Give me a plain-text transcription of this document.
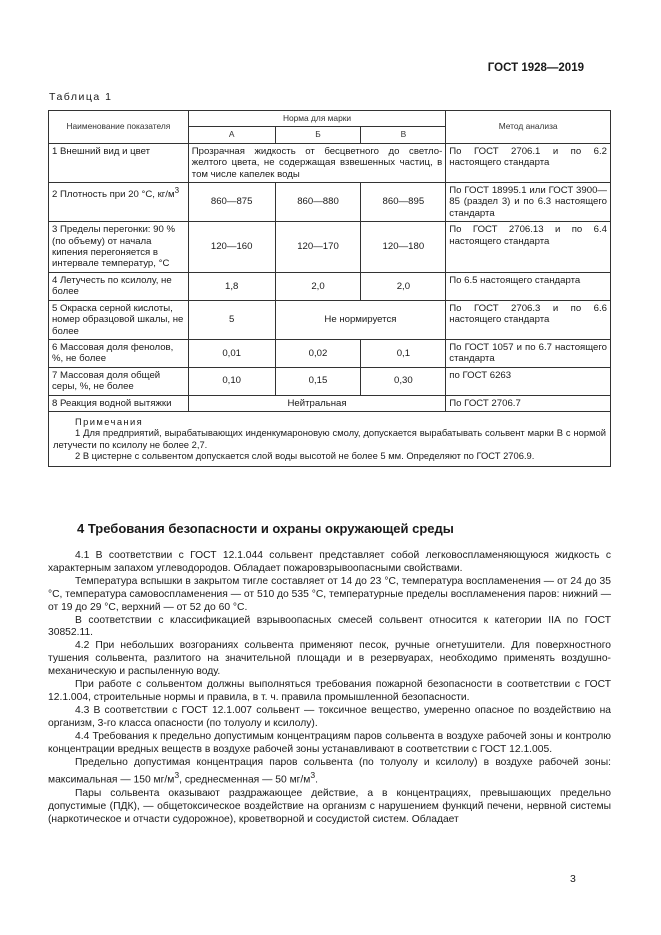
ГОСТ 1928—2019
Таблица 1
Наименование показателя	Норма для марки			Метод анализа
	А	Б	В	
1 Внешний вид и цвет	Прозрачная жидкость от бесцветного до светло-желтого цвета, не содержащая взвешенных частиц, в том числе капелек воды			По ГОСТ 2706.1 и по 6.2 настоящего стандарта
2 Плотность при 20 °С, $кг/м^3$	860—875	860—880	860—895	По ГОСТ 18995.1 или ГОСТ 3900—85 (раздел 3) и по 6.3 настоящего стандарта
3 Пределы перегонки: 90 % (по объему) от начала кипения перегоняется в интервале температур, °С	120—160	120—170	120—180	По ГОСТ 2706.13 и по 6.4 настоящего стандарта
4 Летучесть по ксилолу, не более	1,8	2,0	2,0	По 6.5 настоящего стандарта
5 Окраска серной кислоты, номер образцовой шкалы, не более	5	Не нормируется		По ГОСТ 2706.3 и по 6.6 настоящего стандарта
6 Массовая доля фенолов, %, не более	0,01	0,02	0,1	По ГОСТ 1057 и по 6.7 настоящего стандарта
7 Массовая доля общей серы, %, не более	0,10	0,15	0,30	по ГОСТ 6263
8 Реакция водной вытяжки	Нейтральная			По ГОСТ 2706.7

Примечания
1 Для предприятий, вырабатывающих инденкумароновую смолу, допускается вырабатывать сольвент марки В с нормой летучести по ксилолу не более 2,7.
2 В цистерне с сольвентом допускается слой воды высотой не более 5 мм. Определяют по ГОСТ 2706.9.				
4 Требования безопасности и охраны окружающей среды

4.1 В соответствии с ГОСТ 12.1.044 сольвент представляет собой легковоспламеняющуюся жидкость с характерным запахом углеводородов. Обладает пожаровзрывоопасными свойствами.

Температура вспышки в закрытом тигле составляет от 14 до 23 °С, температура воспламенения — от 24 до 35 °С, температура самовоспламенения — от 510 до 535 °С, температурные пределы воспламенения паров: нижний — от 19 до 29 °С, верхний — от 52 до 60 °С.

В соответствии с классификацией взрывоопасных смесей сольвент относится к категории IIA по ГОСТ 30852.11.

4.2 При небольших возгораниях сольвента применяют песок, ручные огнетушители. Для поверхностного тушения сольвента, разлитого на значительной площади и в резервуарах, необходимо применять воздушно-механическую и распыленную воду.

При работе с сольвентом должны выполняться требования пожарной безопасности в соответствии с ГОСТ 12.1.004, строительные нормы и правила, в т. ч. правила промышленной безопасности.

4.3 В соответствии с ГОСТ 12.1.007 сольвент — токсичное вещество, умеренно опасное по воздействию на организм, 3-го класса опасности (по толуолу и ксилолу).

4.4 Требования к предельно допустимым концентрациям паров сольвента в воздухе рабочей зоны и контролю концентрации вредных веществ в воздухе рабочей зоны устанавливают в соответствии с ГОСТ 12.1.005.

Предельно допустимая концентрация паров сольвента (по толуолу и ксилолу) в воздухе рабочей зоны: максимальная — 150 $мг/м^3$, среднесменная — 50 $мг/м^3$.

Пары сольвента оказывают раздражающее действие, а в концентрациях, превышающих предельно допустимые (ПДК), — общетоксическое воздействие на организм с нарушением функций печени, нервной системы (наркотическое и отчасти судорожное), кроветворной и сосудистой систем. Обладает

3
